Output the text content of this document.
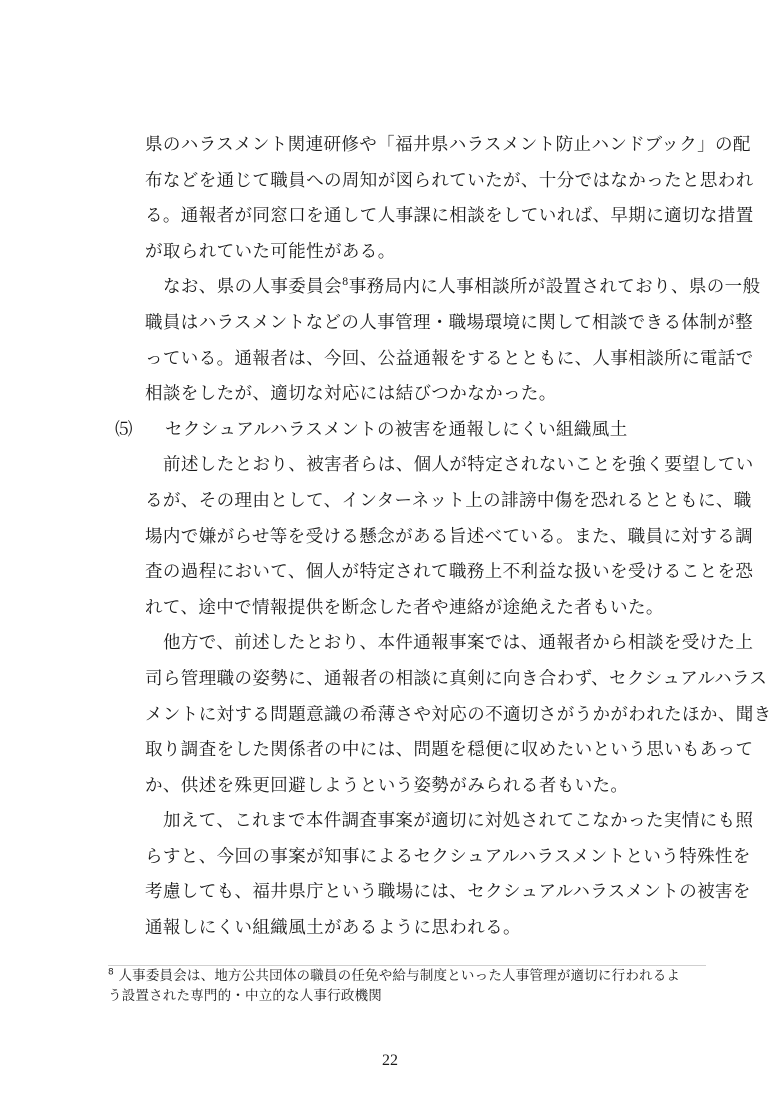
県のハラスメント関連研修や「福井県ハラスメント防止ハンドブック」の配
布などを通じて職員への周知が図られていたが、十分ではなかったと思われ
る。通報者が同窓口を通して人事課に相談をしていれば、早期に適切な措置
が取られていた可能性がある。
なお、県の人事委員会$^8$事務局内に人事相談所が設置されており、県の一般
職員はハラスメントなどの人事管理・職場環境に関して相談できる体制が整
っている。通報者は、今回、公益通報をするとともに、人事相談所に電話で
相談をしたが、適切な対応には結びつかなかった。
⑸ セクシュアルハラスメントの被害を通報しにくい組織風土
前述したとおり、被害者らは、個人が特定されないことを強く要望してい
るが、その理由として、インターネット上の誹謗中傷を恐れるとともに、職
場内で嫌がらせ等を受ける懸念がある旨述べている。また、職員に対する調
査の過程において、個人が特定されて職務上不利益な扱いを受けることを恐
れて、途中で情報提供を断念した者や連絡が途絶えた者もいた。
他方で、前述したとおり、本件通報事案では、通報者から相談を受けた上
司ら管理職の姿勢に、通報者の相談に真剣に向き合わず、セクシュアルハラス
メントに対する問題意識の希薄さや対応の不適切さがうかがわれたほか、聞き
取り調査をした関係者の中には、問題を穏便に収めたいという思いもあって
か、供述を殊更回避しようという姿勢がみられる者もいた。
加えて、これまで本件調査事案が適切に対処されてこなかった実情にも照
らすと、今回の事案が知事によるセクシュアルハラスメントという特殊性を
考慮しても、福井県庁という職場には、セクシュアルハラスメントの被害を
通報しにくい組織風土があるように思われる。
$^8$ 人事委員会は、地方公共団体の職員の任免や給与制度といった人事管理が適切に行われるよ
う設置された専門的・中立的な人事行政機関
22
